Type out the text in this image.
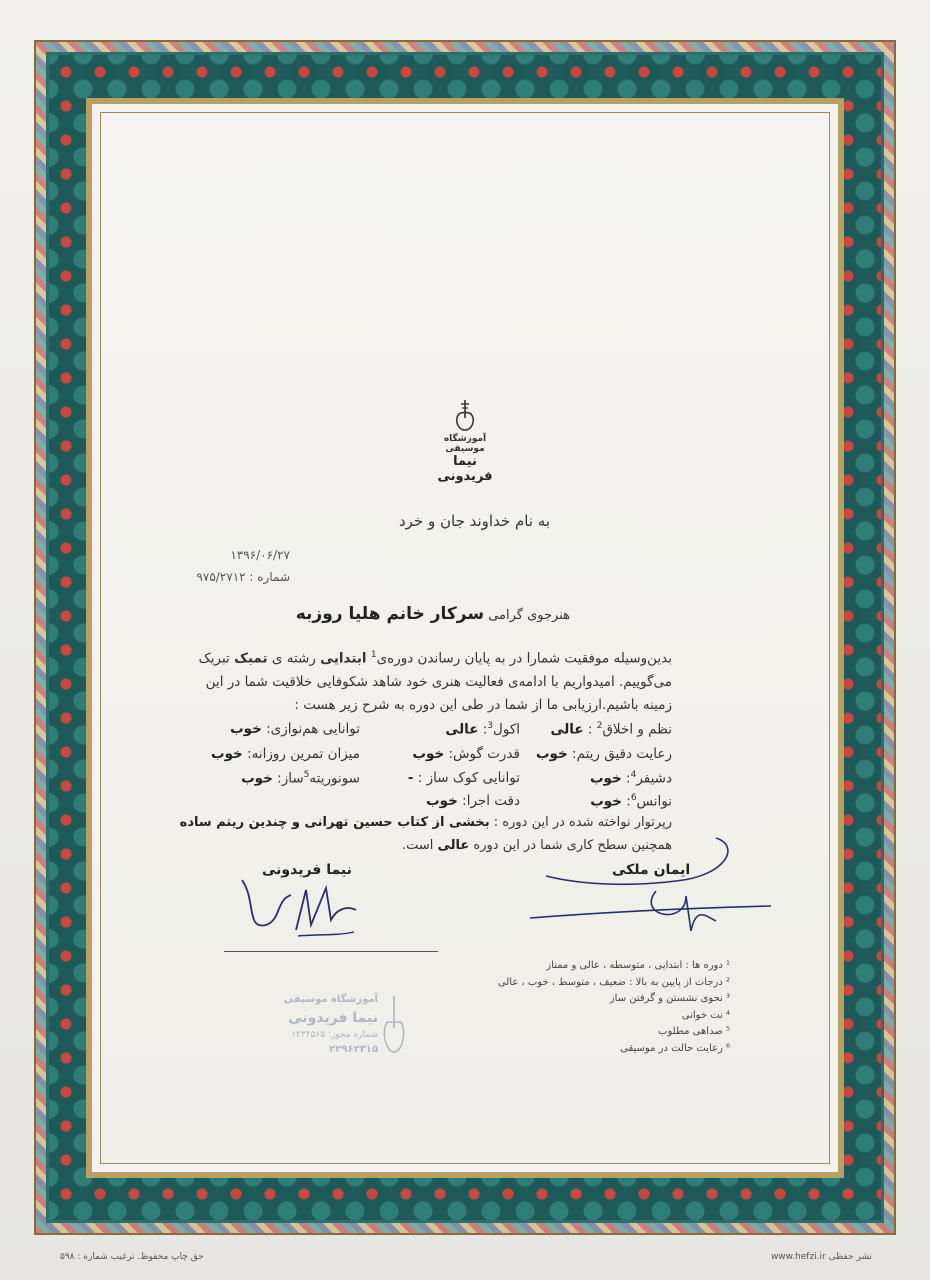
آموزشگاه موسیقی
نیما فریدونی
به نام خداوند جان و خرد
۱۳۹۶/۰۶/۲۷
شماره : ۹۷۵/۲۷۱۲
هنرجوی گرامی سرکار خانم هلیا روزبه
بدین‌وسیله موفقیت شمارا در به پایان رساندن دوره‌ی$^1$ ابتدایی رشته ی تمبک تبریک
می‌گوییم. امیدواریم با ادامه‌ی فعالیت هنری خود شاهد شکوفایی خلاقیت شما در این
زمینه باشیم.ارزیابی ما از شما در طی این دوره به شرح زیر هست :
نظم و اخلاق$^2$ : عالی
اکول$^3$: عالی
توانایی هم‌نوازی: خوب
رعایت دقیق ریتم: خوب
قدرت گوش: خوب
میزان تمرین روزانه: خوب
دشیفر$^4$: خوب
توانایی کوک ساز : -
سونوریته$^5$ساز: خوب
نوانس$^6$: خوب
دقت اجرا: خوب
رپرتوار نواخته شده در این دوره : بخشی از کتاب حسین تهرانی و چندین ریتم ساده
همچنین سطح کاری شما در این دوره عالی است.
نیما فریدونی	ایمان ملکی
¹ دوره ها : ابتدایی ، متوسطه ، عالی و ممتاز
² درجات از پایین به بالا : ضعیف ، متوسط ، خوب ، عالی
³ نحوی نشستن و گرفتن ساز
⁴ نت خوانی
⁵ صداهی مطلوب
⁶ رعایت حالت در موسیقی
آموزشگاه موسیقی
نیما فریدونی
شماره مجوز: ۱۲۳۴۵۶۵
۲۲۹۶۲۳۱۵
حق چاپ محفوظ. ترغیب شماره : ۵۹۸	نشر حفظی www.hefzi.ir
